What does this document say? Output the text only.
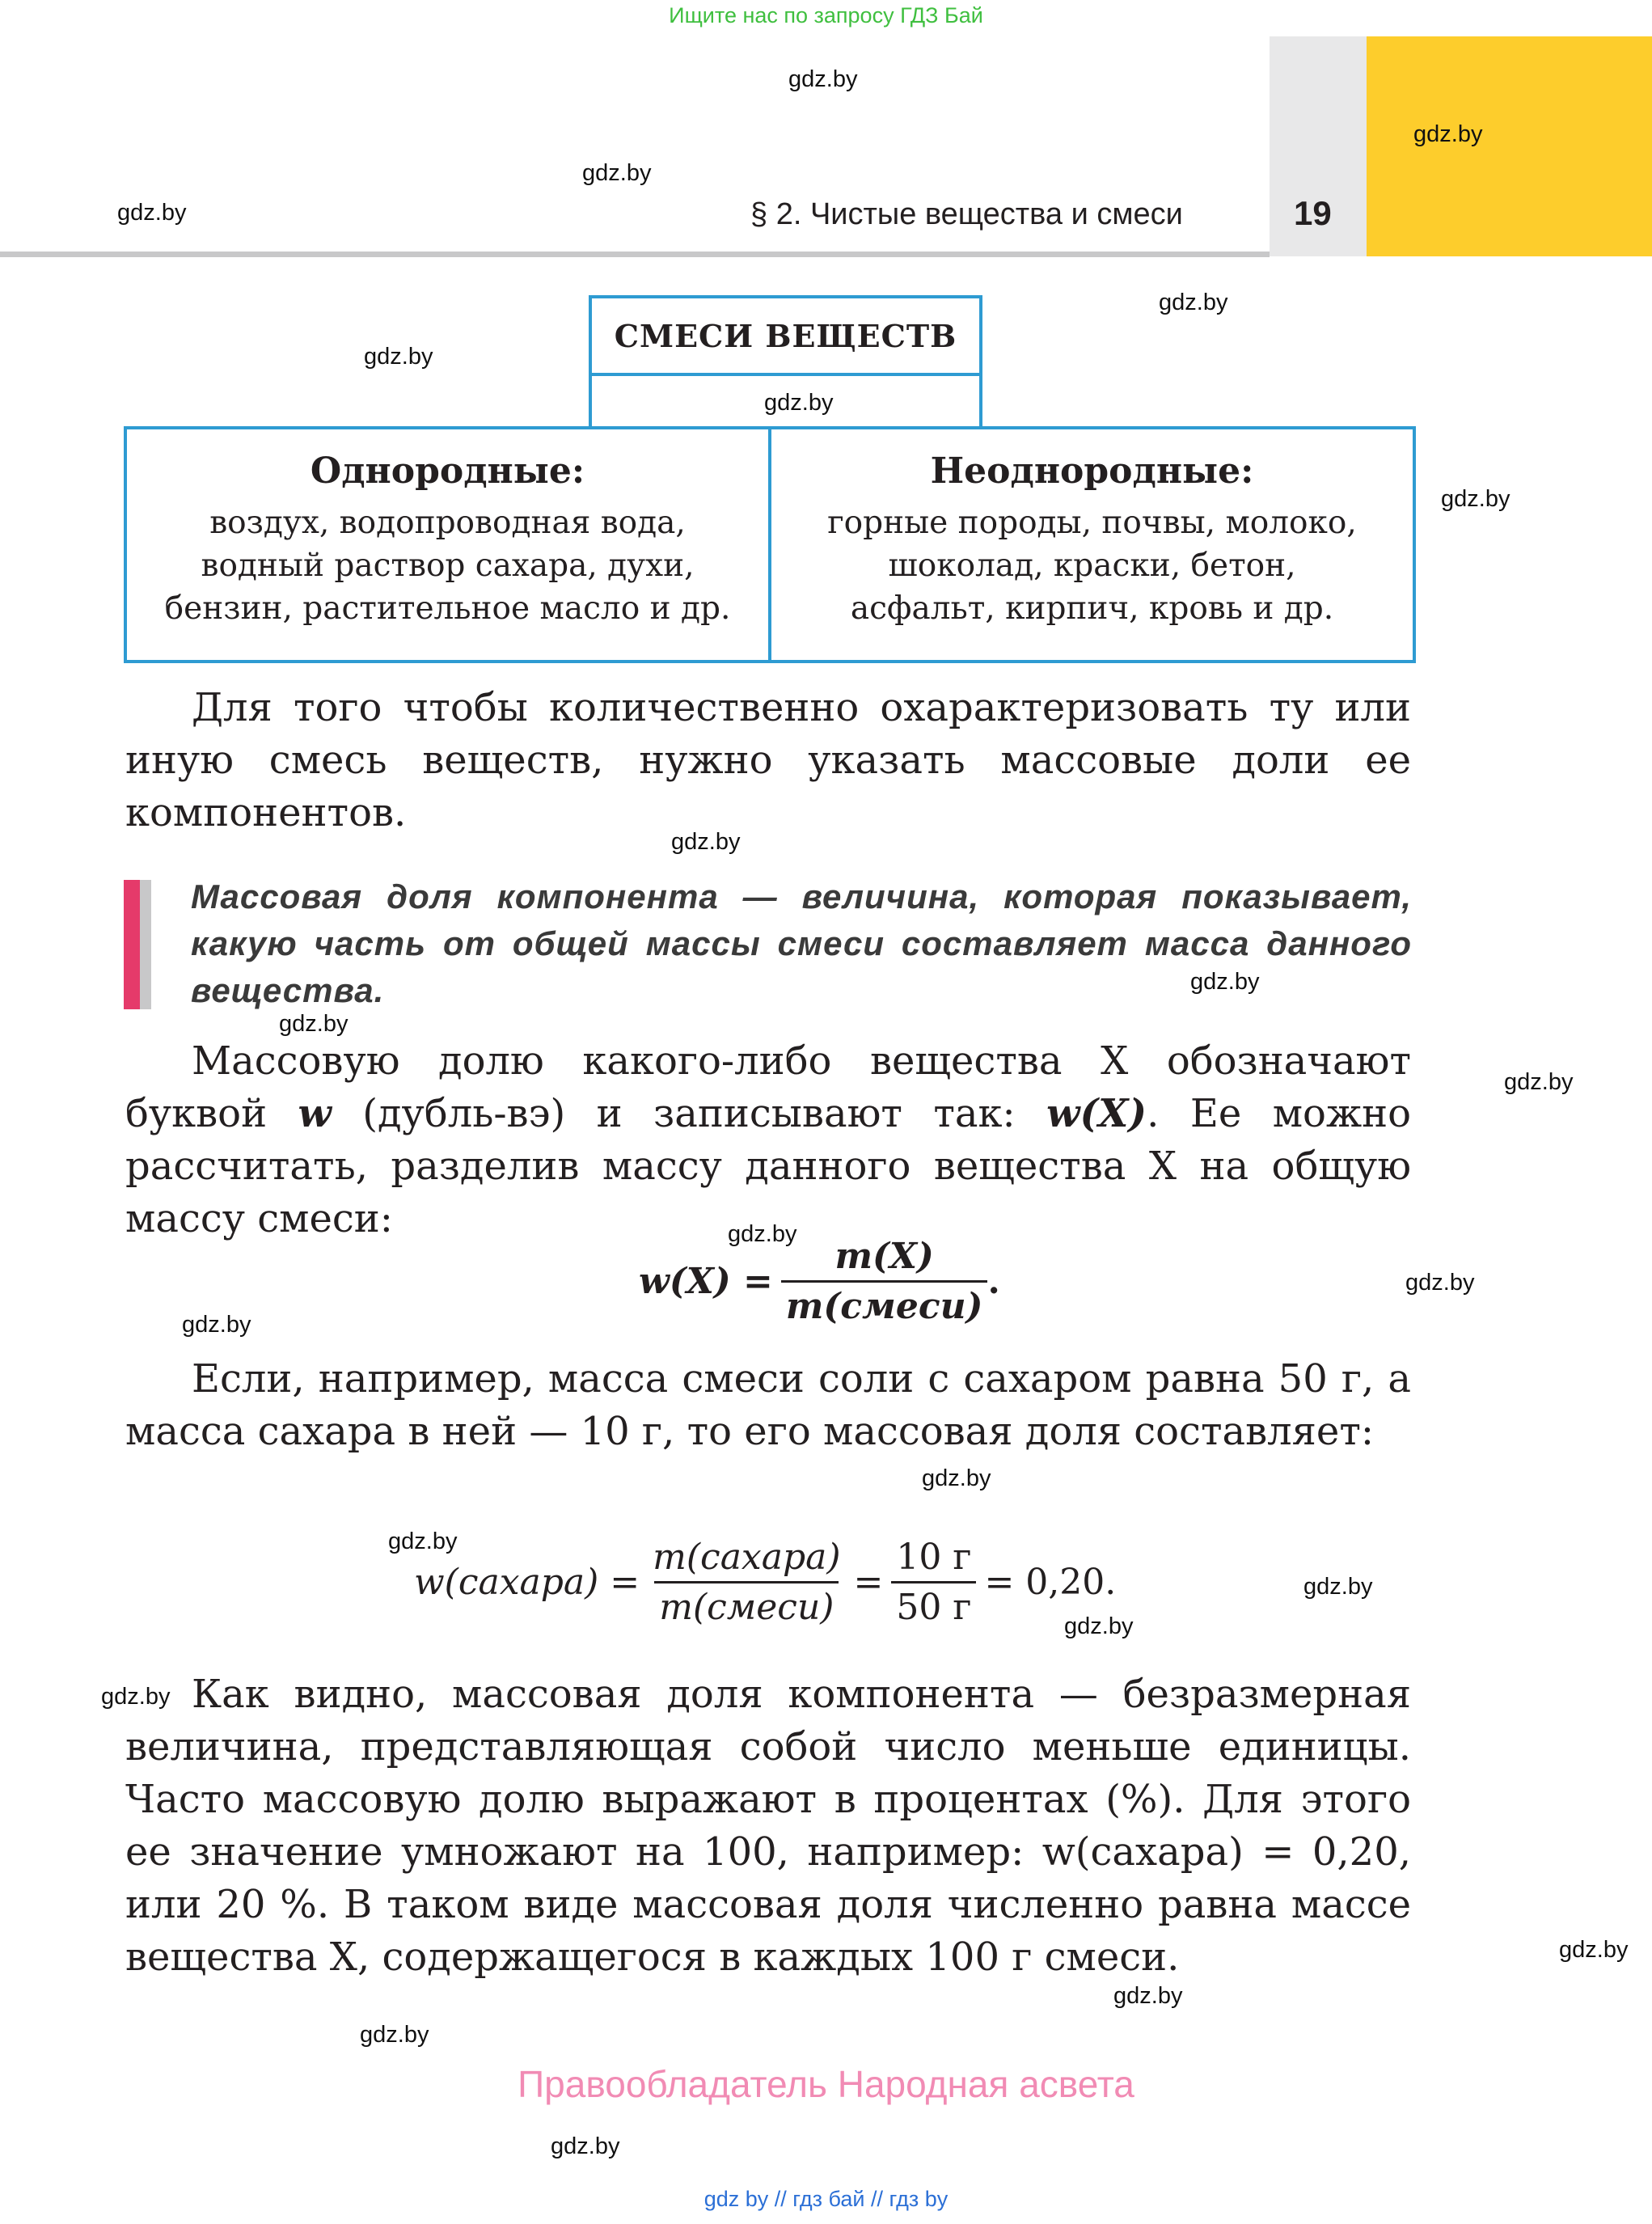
Ищите нас по запросу ГДЗ Бай
§ 2. Чистые вещества и смеси	19
gdz.by
gdz.by
gdz.by
gdz.by
gdz.by
gdz.by
gdz.by
gdz.by
gdz.by
gdz.by
gdz.by
gdz.by
gdz.by
gdz.by
gdz.by
gdz.by
gdz.by
gdz.by
gdz.by
gdz.by
gdz.by
gdz.by
gdz.by
gdz.by
СМЕСИ ВЕЩЕСТВ
Однородные:
воздух, водопроводная вода,
водный раствор сахара, духи,
бензин, растительное масло и др.
Неоднородные:
горные породы, почвы, молоко,
шоколад, краски, бетон,
асфальт, кирпич, кровь и др.
Для того чтобы количественно охарактеризовать ту или иную смесь веществ, нужно указать массовые доли ее компонентов.
Массовая доля компонента — величина, которая показывает, какую часть от общей массы смеси составляет масса данного вещества.
Массовую долю какого-либо вещества X обозначают буквой w (дубль-вэ) и записывают так: w(X). Ее можно рассчитать, разделив массу данного вещества X на общую массу смеси:
$w(X) = \frac{m(X)}{\text{m(смеси)}}$ .
Если, например, масса смеси соли с сахаром равна 50 г, а масса сахара в ней — 10 г, то его массовая доля составляет:
w(сахара) = $\frac{\text{m(сахара)}}{\text{m(смеси)}} = \frac{10 г}{50 г} = 0,20$.
Как видно, массовая доля компонента — безразмерная величина, представляющая собой число меньше единицы. Часто массовую долю выражают в процентах (%). Для этого ее значение умножают на 100, например: w(сахара) = 0,20, или 20 %. В таком виде массовая доля численно равна массе вещества X, содержащегося в каждых 100 г смеси.
Правообладатель Народная асвета
gdz by // гдз бай // гдз by
